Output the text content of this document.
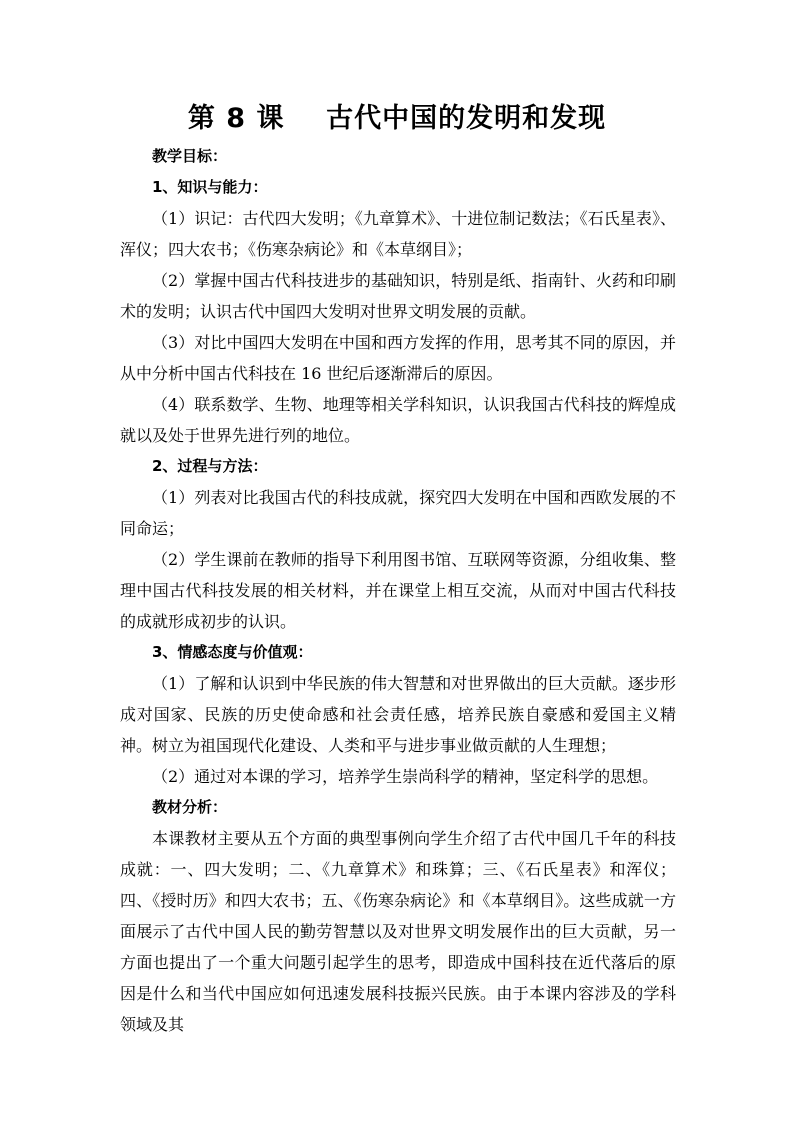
第 8 课    古代中国的发明和发现
教学目标：
1、知识与能力：
（1）识记：古代四大发明；《九章算术》、十进位制记数法；《石氏星表》、浑仪；四大农书；《伤寒杂病论》和《本草纲目》；
（2）掌握中国古代科技进步的基础知识，特别是纸、指南针、火药和印刷术的发明；认识古代中国四大发明对世界文明发展的贡献。
（3）对比中国四大发明在中国和西方发挥的作用，思考其不同的原因，并从中分析中国古代科技在 16 世纪后逐渐滞后的原因。
（4）联系数学、生物、地理等相关学科知识，认识我国古代科技的辉煌成就以及处于世界先进行列的地位。
2、过程与方法：
（1）列表对比我国古代的科技成就，探究四大发明在中国和西欧发展的不同命运；
（2）学生课前在教师的指导下利用图书馆、互联网等资源，分组收集、整理中国古代科技发展的相关材料，并在课堂上相互交流，从而对中国古代科技的成就形成初步的认识。
3、情感态度与价值观：
（1）了解和认识到中华民族的伟大智慧和对世界做出的巨大贡献。逐步形成对国家、民族的历史使命感和社会责任感，培养民族自豪感和爱国主义精神。树立为祖国现代化建设、人类和平与进步事业做贡献的人生理想；
（2）通过对本课的学习，培养学生崇尚科学的精神，坚定科学的思想。
教材分析：
本课教材主要从五个方面的典型事例向学生介绍了古代中国几千年的科技成就：一、四大发明；二、《九章算术》和珠算；三、《石氏星表》和浑仪；四、《授时历》和四大农书；五、《伤寒杂病论》和《本草纲目》。这些成就一方面展示了古代中国人民的勤劳智慧以及对世界文明发展作出的巨大贡献，另一方面也提出了一个重大问题引起学生的思考，即造成中国科技在近代落后的原因是什么和当代中国应如何迅速发展科技振兴民族。由于本课内容涉及的学科领域及其
